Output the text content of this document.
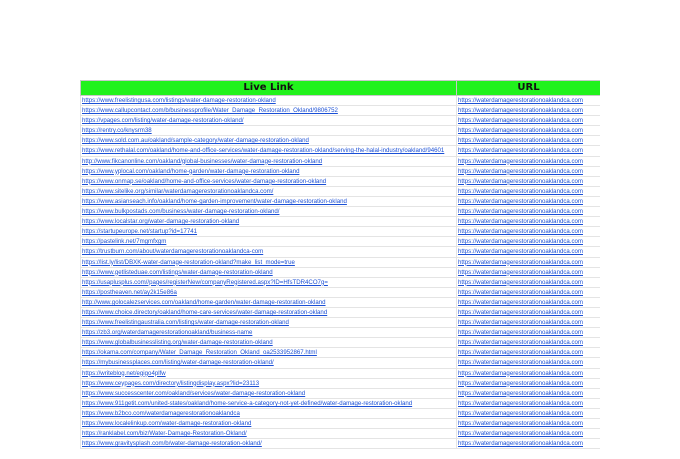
Live Link	URL
https://www.freelistingusa.com/listings/water-damage-restoration-okland	https://waterdamagerestorationoaklandca.com
https://www.callupcontact.com/b/businessprofile/Water_Damage_Restoration_Okland/9806752	https://waterdamagerestorationoaklandca.com
https://vpages.com/listing/water-damage-restoration-okland/	https://waterdamagerestorationoaklandca.com
https://rentry.co/knysrm38	https://waterdamagerestorationoaklandca.com
https://www.sold.com.au/oakland/sample-category/water-damage-restoration-okland	https://waterdamagerestorationoaklandca.com
https://www.rethalal.com/oakland/home-and-office-services/water-damage-restoration-okland/serving-the-halal-industry/oakland/94601	https://waterdamagerestorationoaklandca.com
http://www.fikcanonline.com/oakland/global-businesses/water-damage-restoration-okland	https://waterdamagerestorationoaklandca.com
https://www.yplocal.com/oakland/home-garden/water-damage-restoration-okland	https://waterdamagerestorationoaklandca.com
https://www.onmap.se/oakland/home-and-office-services/water-damage-restoration-okland	https://waterdamagerestorationoaklandca.com
https://www.sitelike.org/similar/waterdamagerestorationoaklandca.com/	https://waterdamagerestorationoaklandca.com
https://www.asianseach.info/oakland/home-garden-improvement/water-damage-restoration-okland	https://waterdamagerestorationoaklandca.com
https://www.bulkpostads.com/business/water-damage-restoration-okland/	https://waterdamagerestorationoaklandca.com
https://www.localstar.org/water-damage-restoration-okland	https://waterdamagerestorationoaklandca.com
https://startupeurope.net/startup?id=17741	https://waterdamagerestorationoaklandca.com
https://pastelink.net/7mgmfxgm	https://waterdamagerestorationoaklandca.com
https://trustburn.com/about/waterdamagerestorationoaklandca-com	https://waterdamagerestorationoaklandca.com
https://list.ly/list/DBXK-water-damage-restoration-okland?make_list_mode=true	https://waterdamagerestorationoaklandca.com
https://www.getlisteduae.com/listings/water-damage-restoration-okland	https://waterdamagerestorationoaklandca.com
https://usaplusplus.com//pages/registerNew/companyRegistered.aspx?ID=HfsTDR4CO7g=	https://waterdamagerestorationoaklandca.com
https://postheaven.net/ay2k15e86a	https://waterdamagerestorationoaklandca.com
http://www.golocalezservices.com/oakland/home-garden/water-damage-restoration-okland	https://waterdamagerestorationoaklandca.com
https://www.choice.directory/oakland/home-care-services/water-damage-restoration-okland	https://waterdamagerestorationoaklandca.com
https://www.freelistingaustralia.com/listings/water-damage-restoration-okland	https://waterdamagerestorationoaklandca.com
https://zb3.org/waterdamagerestorationoakland/business-name	https://waterdamagerestorationoaklandca.com
https://www.globalbusinesslisting.org/water-damage-restoration-okland	https://waterdamagerestorationoaklandca.com
https://okama.com/company/Water_Damage_Restoration_Okland_oa2533952867.html	https://waterdamagerestorationoaklandca.com
https://mybusinessplaces.com/listing/water-damage-restoration-okland/	https://waterdamagerestorationoaklandca.com
https://writeblog.net/egigo4plfw	https://waterdamagerestorationoaklandca.com
https://www.ceypages.com/directory/listingdisplay.aspx?lid=23113	https://waterdamagerestorationoaklandca.com
https://www.successcenter.com/oakland/services/water-damage-restoration-okland	https://waterdamagerestorationoaklandca.com
https://www.911getit.com/united-states/oakland/home-service-a-category-not-yet-defined/water-damage-restoration-okland	https://waterdamagerestorationoaklandca.com
https://www.b2bco.com/waterdamagerestorationoaklandca	https://waterdamagerestorationoaklandca.com
https://www.localelinkup.com/water-damage-restoration-okland	https://waterdamagerestorationoaklandca.com
https://ranklabel.com/biz/Water-Damage-Restoration-Okland/	https://waterdamagerestorationoaklandca.com
https://www.gravitysplash.com/b/water-damage-restoration-okland/	https://waterdamagerestorationoaklandca.com
